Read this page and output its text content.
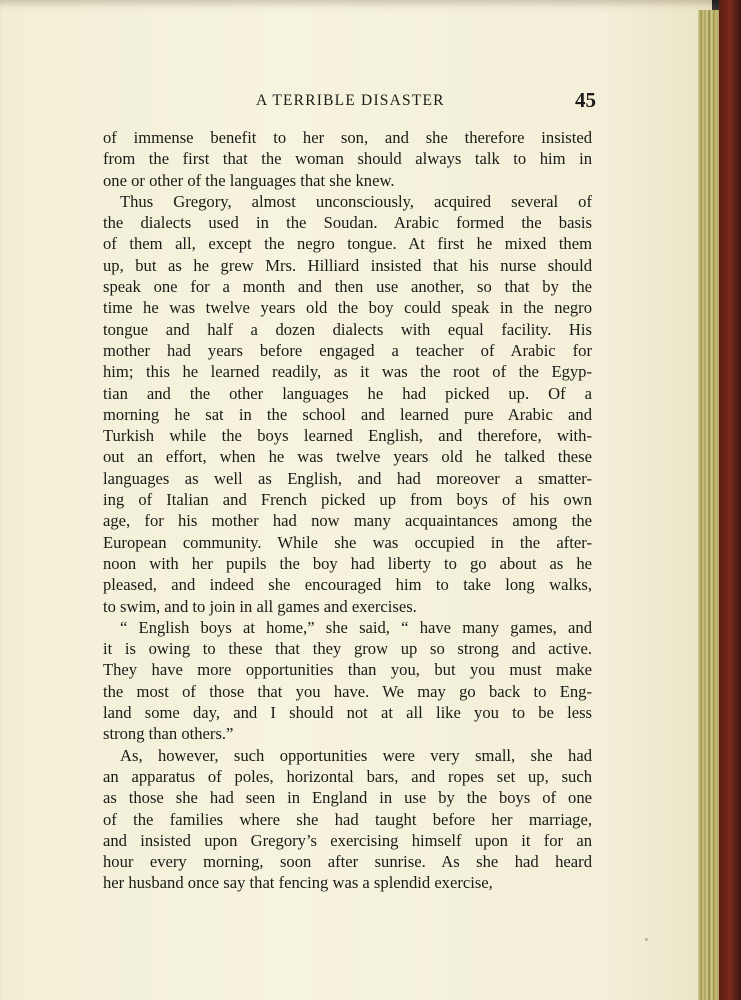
A TERRIBLE DISASTER	45

of immense benefit to her son, and she therefore insisted
from the first that the woman should always talk to him in
one or other of the languages that she knew.

Thus Gregory, almost unconsciously, acquired several of
the dialects used in the Soudan. Arabic formed the basis
of them all, except the negro tongue. At first he mixed them
up, but as he grew Mrs. Hilliard insisted that his nurse should
speak one for a month and then use another, so that by the
time he was twelve years old the boy could speak in the negro
tongue and half a dozen dialects with equal facility. His
mother had years before engaged a teacher of Arabic for
him; this he learned readily, as it was the root of the Egyp-
tian and the other languages he had picked up. Of a
morning he sat in the school and learned pure Arabic and
Turkish while the boys learned English, and therefore, with-
out an effort, when he was twelve years old he talked these
languages as well as English, and had moreover a smatter-
ing of Italian and French picked up from boys of his own
age, for his mother had now many acquaintances among the
European community. While she was occupied in the after-
noon with her pupils the boy had liberty to go about as he
pleased, and indeed she encouraged him to take long walks,
to swim, and to join in all games and exercises.

“ English boys at home,” she said, “ have many games, and
it is owing to these that they grow up so strong and active.
They have more opportunities than you, but you must make
the most of those that you have. We may go back to Eng-
land some day, and I should not at all like you to be less
strong than others.”

As, however, such opportunities were very small, she had
an apparatus of poles, horizontal bars, and ropes set up, such
as those she had seen in England in use by the boys of one
of the families where she had taught before her marriage,
and insisted upon Gregory’s exercising himself upon it for an
hour every morning, soon after sunrise. As she had heard
her husband once say that fencing was a splendid exercise,
